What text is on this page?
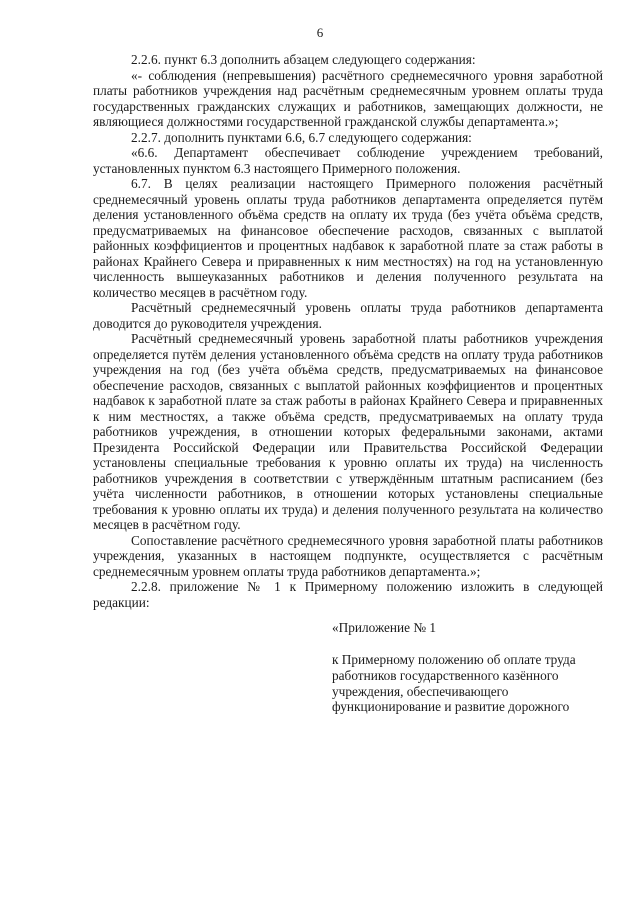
6

2.2.6. пункт 6.3 дополнить абзацем следующего содержания:

«- соблюдения (непревышения) расчётного среднемесячного уровня заработной платы работников учреждения над расчётным среднемесячным уровнем оплаты труда государственных гражданских служащих и работников, замещающих должности, не являющиеся должностями государственной гражданской службы департамента.»;

2.2.7. дополнить пунктами 6.6, 6.7 следующего содержания:

«6.6. Департамент обеспечивает соблюдение учреждением требований, установленных пунктом 6.3 настоящего Примерного положения.

6.7. В целях реализации настоящего Примерного положения расчётный среднемесячный уровень оплаты труда работников департамента определяется путём деления установленного объёма средств на оплату их труда (без учёта объёма средств, предусматриваемых на финансовое обеспечение расходов, связанных с выплатой районных коэффициентов и процентных надбавок к заработной плате за стаж работы в районах Крайнего Севера и приравненных к ним местностях) на год на установленную численность вышеуказанных работников и деления полученного результата на количество месяцев в расчётном году.

Расчётный среднемесячный уровень оплаты труда работников департамента доводится до руководителя учреждения.

Расчётный среднемесячный уровень заработной платы работников учреждения определяется путём деления установленного объёма средств на оплату труда работников учреждения на год (без учёта объёма средств, предусматриваемых на финансовое обеспечение расходов, связанных с выплатой районных коэффициентов и процентных надбавок к заработной плате за стаж работы в районах Крайнего Севера и приравненных к ним местностях, а также объёма средств, предусматриваемых на оплату труда работников учреждения, в отношении которых федеральными законами, актами Президента Российской Федерации или Правительства Российской Федерации установлены специальные требования к уровню оплаты их труда) на численность работников учреждения в соответствии с утверждённым штатным расписанием (без учёта численности работников, в отношении которых установлены специальные требования к уровню оплаты их труда) и деления полученного результата на количество месяцев в расчётном году.

Сопоставление расчётного среднемесячного уровня заработной платы работников учреждения, указанных в настоящем подпункте, осуществляется с расчётным среднемесячным уровнем оплаты труда работников департамента.»;

2.2.8. приложение № 1 к Примерному положению изложить в следующей редакции:

«Приложение № 1
к Примерному положению об оплате труда работников государственного казённого учреждения, обеспечивающего функционирование и развитие дорожного
